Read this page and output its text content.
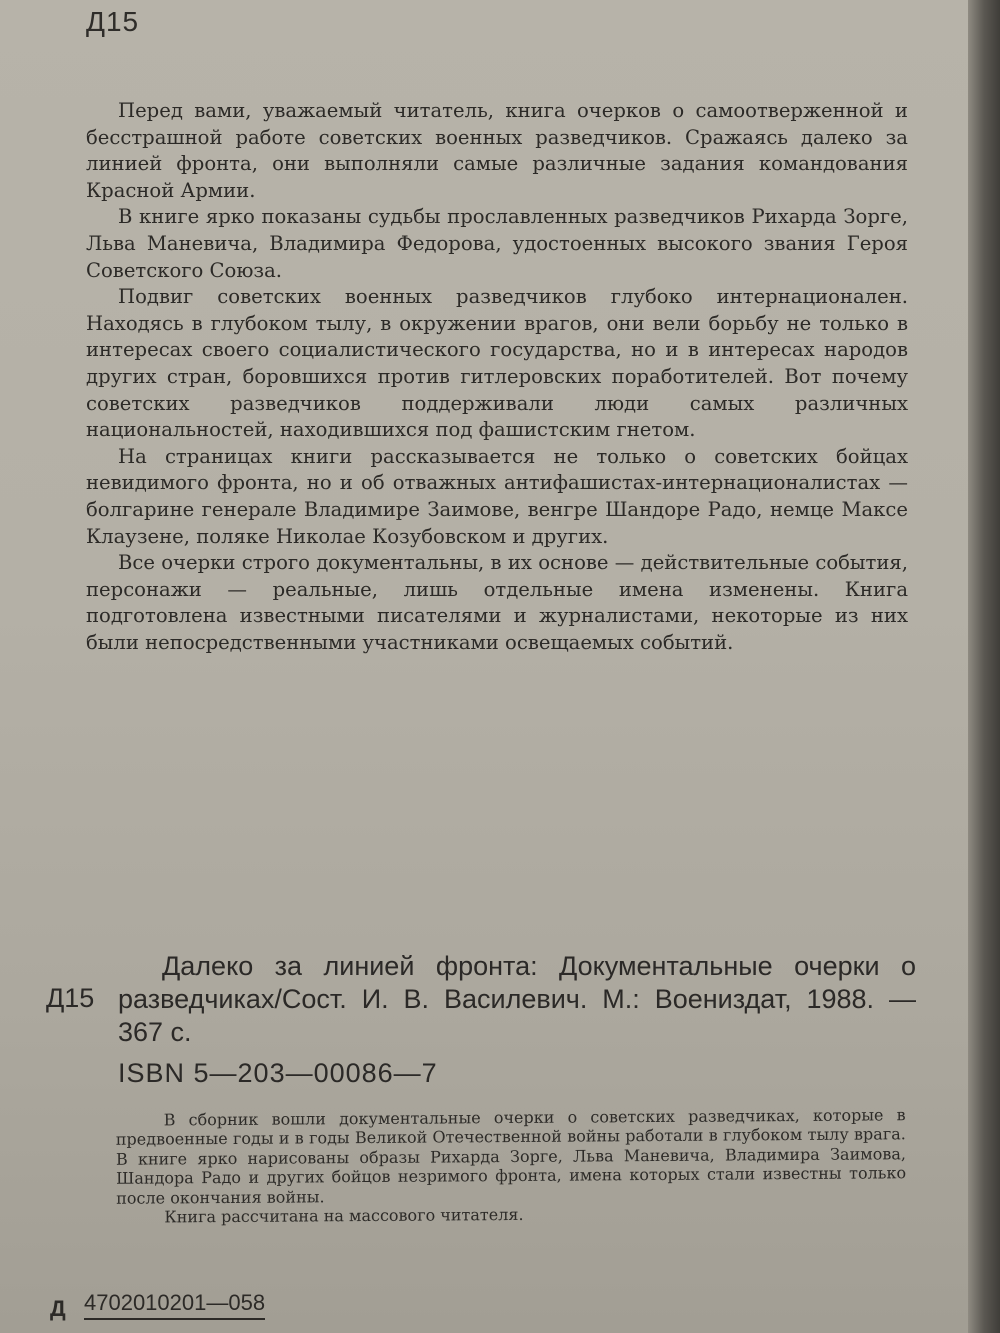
Д15

Перед вами, уважаемый читатель, книга очерков о самоотверженной и бесстрашной работе советских военных разведчиков. Сражаясь далеко за линией фронта, они выполняли самые различные задания командования Красной Армии.

В книге ярко показаны судьбы прославленных разведчиков Рихарда Зорге, Льва Маневича, Владимира Федорова, удостоенных высокого звания Героя Советского Союза.

Подвиг советских военных разведчиков глубоко интернационален. Находясь в глубоком тылу, в окружении врагов, они вели борьбу не только в интересах своего социалистического государства, но и в интересах народов других стран, боровшихся против гитлеровских поработителей. Вот почему советских разведчиков поддерживали люди самых различных национальностей, находившихся под фашистским гнетом.

На страницах книги рассказывается не только о советских бойцах невидимого фронта, но и об отважных антифашистах-интернационалистах — болгарине генерале Владимире Заимове, венгре Шандоре Радо, немце Максе Клаузене, поляке Николае Козубовском и других.

Все очерки строго документальны, в их основе — действительные события, персонажи — реальные, лишь отдельные имена изменены. Книга подготовлена известными писателями и журналистами, некоторые из них были непосредственными участниками освещаемых событий.

Д15
Далеко за линией фронта: Документальные очерки о разведчиках/Сост. И. В. Василевич. М.: Воениздат, 1988. — 367 с.
ISBN 5—203—00086—7

В сборник вошли документальные очерки о советских разведчиках, которые в предвоенные годы и в годы Великой Отечественной войны работали в глубоком тылу врага. В книге ярко нарисованы образы Рихарда Зорге, Льва Маневича, Владимира Заимова, Шандора Радо и других бойцов незримого фронта, имена которых стали известны только после окончания войны.

Книга рассчитана на массового читателя.

Д 4702010201—058
